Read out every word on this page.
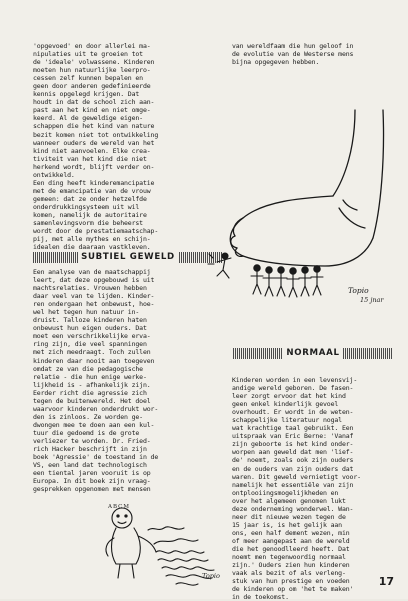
'opgevoed' en door allerlei ma-
nipulaties uit te groeien tot
de 'ideale' volwassene. Kinderen
moeten hun natuurlijke leerpro-
cessen zelf kunnen bepalen en
geen door anderen gedefinieerde
kennis opgelegd krijgen. Dat
houdt in dat de school zich aan-
past aan het kind en niet omge-
keerd. Al de geweldige eigen-
schappen die het kind van nature
bezit komen niet tot ontwikkeling
wanneer ouders de wereld van het
kind niet aanvoelen. Elke crea-
tiviteit van het kind die niet
herkend wordt, blijft verder on-
ontwikkeld.
Een ding heeft kinderemancipatie
met de emancipatie van de vrouw
gemeen: dat ze onder hetzelfde
onderdrukkingsysteem uit wil
komen, namelijk de autoritaire
samenlevingsvorm die beheerst
wordt door de prestatiemaatschap-
pij, met alle mythes en schijn-
idealen die daaraan vastkleven.

SUBTIEL GEWELD

Een analyse van de maatschappij
leert, dat deze opgebouwd is uit
machtsrelaties. Vrouwen hebben
daar veel van te lijden. Kinder-
ren ondergaan het onbewust, hoe-
wel het tegen hun natuur in-
druist. Talloze kinderen haten
onbewust hun eigen ouders. Dat
moet een verschrikkelijke erva-
ring zijn, die veel spanningen
met zich meedraagt. Toch zullen
kinderen daar nooit aan toegeven
omdat ze van die pedagogische
relatie - die hun enige werke-
lijkheid is - afhankelijk zijn.
Eerder richt die agressie zich
tegen de buitenwereld. Het doel
waarvoor kinderen onderdrukt wor-
den is zinloos. Ze worden ge-
dwongen mee te doen aan een kul-
tuur die gedoemd is de grote
verliezer te worden. Dr. Fried-
rich Hacker beschrijft in zijn
boek 'Agressie' de toestand in de
VS, een land dat technologisch
een tiental jaren vooruit is op
Europa. In dit boek zijn vraag-
gesprekken opgenomen met mensen

van wereldfaam die hun geloof in
de evolutie van de Westerse mens
bijna opgegeven hebben.

Topio
15 jnar
NORMAAL

Kinderen worden in een levensvij-
andige wereld geboren. De fasen-
leer zorgt ervoor dat het kind
geen enkel kinderlijk gevoel
overhoudt. Er wordt in de weten-
schappelijke literatuur nogal
wat krachtige taal gebruikt. Een
uitspraak van Eric Berne: 'Vanaf
zijn geboorte is het kind onder-
worpen aan geweld dat men 'lief-
de' noemt, zoals ook zijn ouders
en de ouders van zijn ouders dat
waren. Dit geweld vernietigt voor-
namelijk het essentiële van zijn
ontplooiingsmogelijkheden en
over het algemeen genomen lukt
deze onderneming wonderwel. Wan-
neer dit nieuwe wezen tegen de
15 jaar is, is het gelijk aan
ons, een half dement wezen, min
of meer aangepast aan de wereld
die het genoodlleerd heeft. Dat
noemt men tegenwoordig normaal
zijn.' Ouders zien hun kinderen
vaak als bezit of als verleng-
stuk van hun prestige en voeden
de kinderen op om 'het te maken'
in de toekomst.

ABCM
Topio	17
